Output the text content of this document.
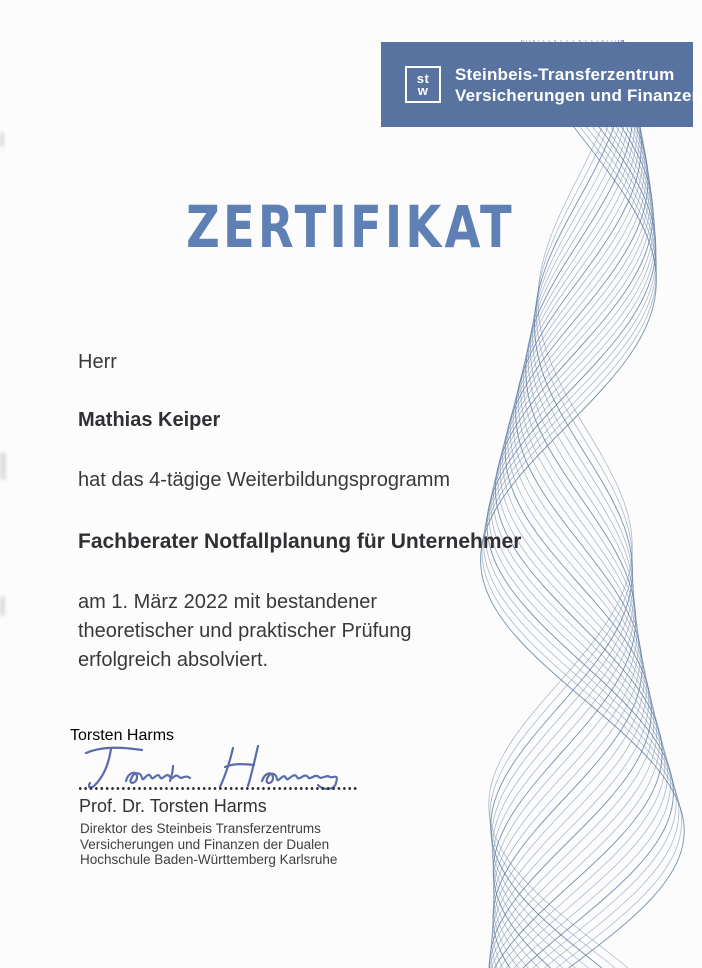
st
w
Steinbeis-Transferzentrum
Versicherungen und Finanzen
ZERTIFIKAT
Herr
Mathias Keiper
hat das 4-tägige Weiterbildungsprogramm
Fachberater Notfallplanung für Unternehmer
am 1. März 2022 mit bestandener
theoretischer und praktischer Prüfung
erfolgreich absolviert.
Torsten Harms
Prof. Dr. Torsten Harms
Direktor des Steinbeis Transferzentrums
Versicherungen und Finanzen der Dualen
Hochschule Baden-Württemberg Karlsruhe
